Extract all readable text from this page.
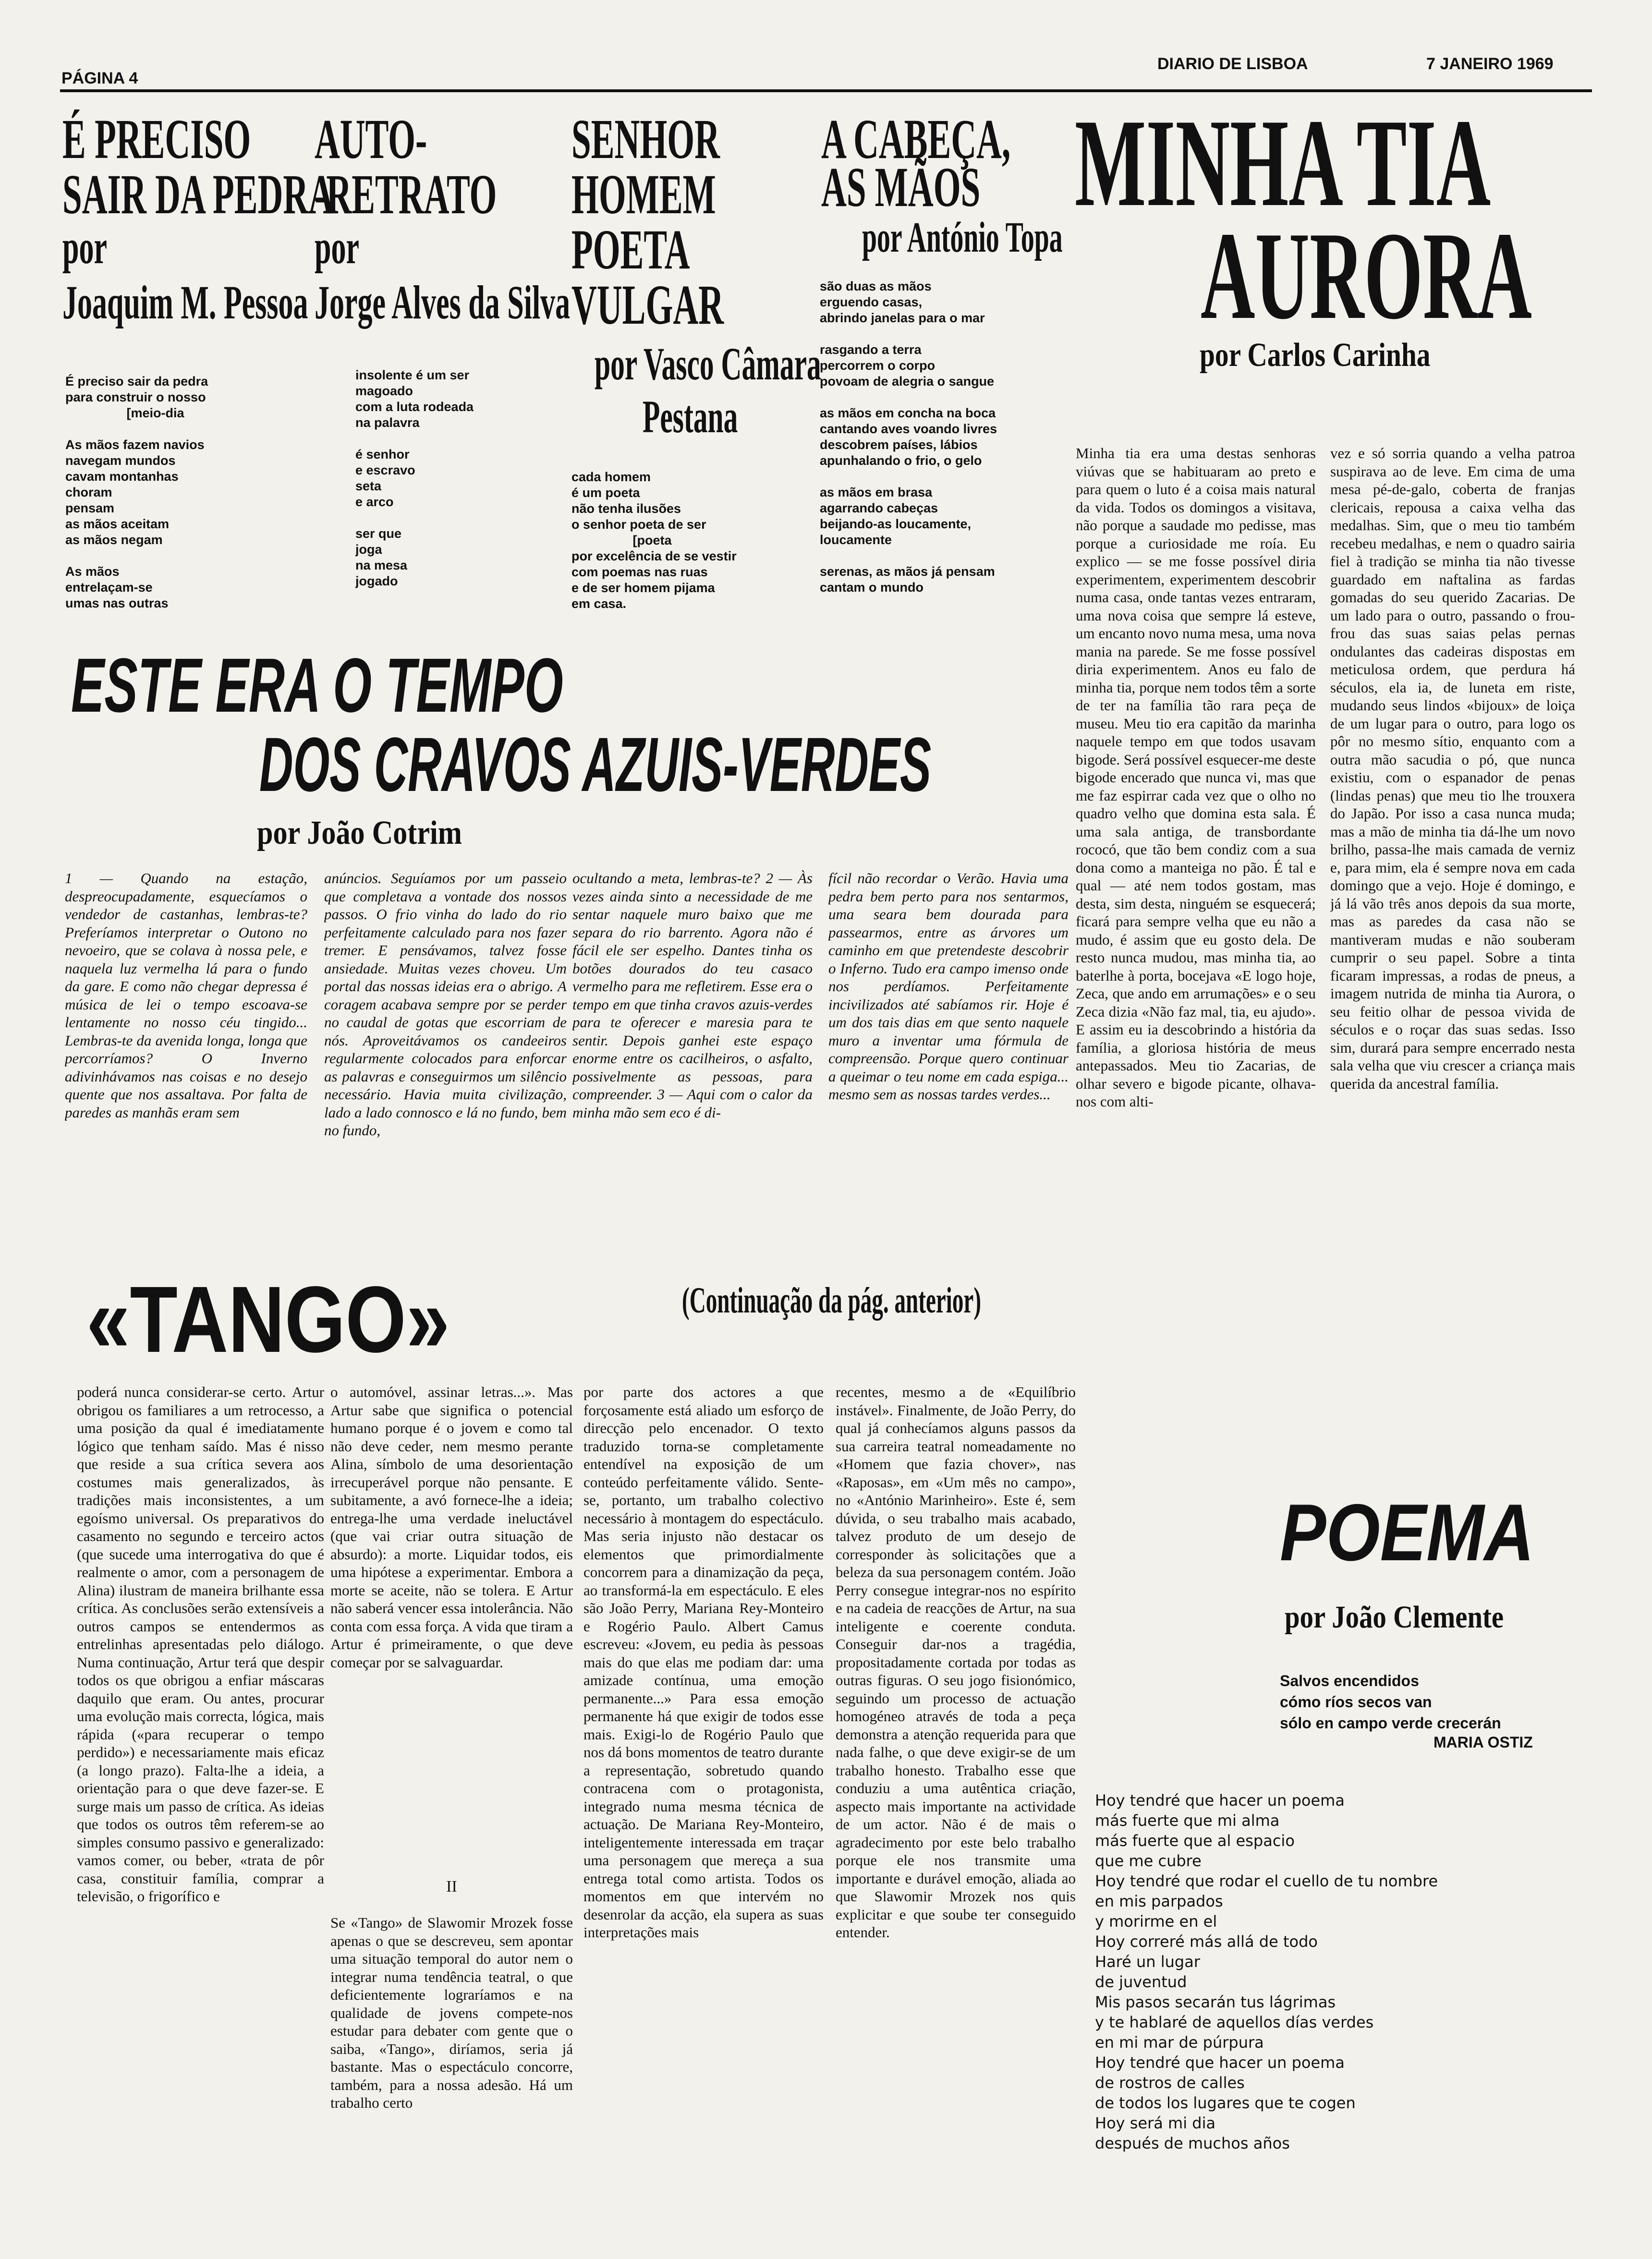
PÁGINA 4
DIARIO DE LISBOA	7 JANEIRO 1969
É PRECISO
SAIR DA PEDRA
por
Joaquim M. Pessoa
É preciso sair da pedra
para construir o nosso
[meio-dia

As mãos fazem navios
navegam mundos
cavam montanhas
choram
pensam
as mãos aceitam
as mãos negam

As mãos
entrelaçam-se
umas nas outras
AUTO-
-RETRATO
por
Jorge Alves da Silva
insolente é um ser
magoado
com a luta rodeada
na palavra

é senhor
e escravo
seta
e arco

ser que
joga
na mesa
jogado
SENHOR
HOMEM
POETA
VULGAR
por Vasco Câmara
Pestana
cada homem
é um poeta
não tenha ilusões
o senhor poeta de ser
[poeta
por excelência de se vestir
com poemas nas ruas
e de ser homem pijama
em casa.
A CABEÇA,
AS MÃOS
por António Topa
são duas as mãos
erguendo casas,
abrindo janelas para o mar

rasgando a terra
percorrem o corpo
povoam de alegria o sangue

as mãos em concha na boca
cantando aves voando livres
descobrem países, lábios
apunhalando o frio, o gelo

as mãos em brasa
agarrando cabeças
beijando-as loucamente,
loucamente

serenas, as mãos já pensam
cantam o mundo
MINHA TIA
AURORA
por Carlos Carinha
Minha tia era uma destas senhoras viúvas que se habituaram ao preto e para quem o luto é a coisa mais natural da vida. Todos os domingos a visitava, não porque a saudade mo pedisse, mas porque a curiosidade me roía. Eu explico — se me fosse possível diria experimentem, experimentem descobrir numa casa, onde tantas vezes entraram, uma nova coisa que sempre lá esteve, um encanto novo numa mesa, uma nova mania na parede. Se me fosse possível diria experimentem. Anos eu falo de minha tia, porque nem todos têm a sorte de ter na família tão rara peça de museu. Meu tio era capitão da marinha naquele tempo em que todos usavam bigode. Será possível esquecer-me deste bigode encerado que nunca vi, mas que me faz espirrar cada vez que o olho no quadro velho que domina esta sala. É uma sala antiga, de transbordante rococó, que tão bem condiz com a sua dona como a manteiga no pão. É tal e qual — até nem todos gostam, mas desta, sim desta, ninguém se esquecerá; ficará para sempre velha que eu não a mudo, é assim que eu gosto dela. De resto nunca mudou, mas minha tia, ao baterlhe à porta, bocejava «E logo hoje, Zeca, que ando em arrumações» e o seu Zeca dizia «Não faz mal, tia, eu ajudo». E assim eu ia descobrindo a história da família, a gloriosa história de meus antepassados. Meu tio Zacarias, de olhar severo e bigode picante, olhava-nos com alti-
vez e só sorria quando a velha patroa suspirava ao de leve. Em cima de uma mesa pé-de-galo, coberta de franjas clericais, repousa a caixa velha das medalhas. Sim, que o meu tio também recebeu medalhas, e nem o quadro sairia fiel à tradição se minha tia não tivesse guardado em naftalina as fardas gomadas do seu querido Zacarias. De um lado para o outro, passando o frou-frou das suas saias pelas pernas ondulantes das cadeiras dispostas em meticulosa ordem, que perdura há séculos, ela ia, de luneta em riste, mudando seus lindos «bijoux» de loiça de um lugar para o outro, para logo os pôr no mesmo sítio, enquanto com a outra mão sacudia o pó, que nunca existiu, com o espanador de penas (lindas penas) que meu tio lhe trouxera do Japão. Por isso a casa nunca muda; mas a mão de minha tia dá-lhe um novo brilho, passa-lhe mais camada de verniz e, para mim, ela é sempre nova em cada domingo que a vejo. Hoje é domingo, e já lá vão três anos depois da sua morte, mas as paredes da casa não se mantiveram mudas e não souberam cumprir o seu papel. Sobre a tinta ficaram impressas, a rodas de pneus, a imagem nutrida de minha tia Aurora, o seu feitio olhar de pessoa vivida de séculos e o roçar das suas sedas. Isso sim, durará para sempre encerrado nesta sala velha que viu crescer a criança mais querida da ancestral família.
ESTE ERA O TEMPO
DOS CRAVOS AZUIS-VERDES
por João Cotrim
1 — Quando na estação, despreocupadamente, esquecíamos o vendedor de castanhas, lembras-te? Preferíamos interpretar o Outono no nevoeiro, que se colava à nossa pele, e naquela luz vermelha lá para o fundo da gare. E como não chegar depressa é música de lei o tempo escoava-se lentamente no nosso céu tingido... Lembras-te da avenida longa, longa que percorríamos? O Inverno adivinhávamos nas coisas e no desejo quente que nos assaltava. Por falta de paredes as manhãs eram sem
anúncios. Seguíamos por um passeio que completava a vontade dos nossos passos. O frio vinha do lado do rio perfeitamente calculado para nos fazer tremer. E pensávamos, talvez fosse ansiedade. Muitas vezes choveu. Um portal das nossas ideias era o abrigo. A coragem acabava sempre por se perder no caudal de gotas que escorriam de nós. Aproveitávamos os candeeiros regularmente colocados para enforcar as palavras e conseguirmos um silêncio necessário. Havia muita civilização, lado a lado connosco e lá no fundo, bem no fundo,
ocultando a meta, lembras-te? 2 — Às vezes ainda sinto a necessidade de me sentar naquele muro baixo que me separa do rio barrento. Agora não é fácil ele ser espelho. Dantes tinha os botões dourados do teu casaco vermelho para me refletirem. Esse era o tempo em que tinha cravos azuis-verdes para te oferecer e maresia para te sentir. Depois ganhei este espaço enorme entre os cacilheiros, o asfalto, possivelmente as pessoas, para compreender. 3 — Aqui com o calor da minha mão sem eco é di-
fícil não recordar o Verão. Havia uma pedra bem perto para nos sentarmos, uma seara bem dourada para passearmos, entre as árvores um caminho em que pretendeste descobrir o Inferno. Tudo era campo imenso onde nos perdíamos. Perfeitamente incivilizados até sabíamos rir. Hoje é um dos tais dias em que sento naquele muro a inventar uma fórmula de compreensão. Porque quero continuar a queimar o teu nome em cada espiga... mesmo sem as nossas tardes verdes...
«TANGO»	(Continuação da pág. anterior)
poderá nunca considerar-se certo. Artur obrigou os familiares a um retrocesso, a uma posição da qual é imediatamente lógico que tenham saído. Mas é nisso que reside a sua crítica severa aos costumes mais generalizados, às tradições mais inconsistentes, a um egoísmo universal. Os preparativos do casamento no segundo e terceiro actos (que sucede uma interrogativa do que é realmente o amor, com a personagem de Alina) ilustram de maneira brilhante essa crítica. As conclusões serão extensíveis a outros campos se entendermos as entrelinhas apresentadas pelo diálogo. Numa continuação, Artur terá que despir todos os que obrigou a enfiar máscaras daquilo que eram. Ou antes, procurar uma evolução mais correcta, lógica, mais rápida («para recuperar o tempo perdido») e necessariamente mais eficaz (a longo prazo). Falta-lhe a ideia, a orientação para o que deve fazer-se. E surge mais um passo de crítica. As ideias que todos os outros têm referem-se ao simples consumo passivo e generalizado: vamos comer, ou beber, «trata de pôr casa, constituir família, comprar a televisão, o frigorífico e
o automóvel, assinar letras...». Mas Artur sabe que significa o potencial humano porque é o jovem e como tal não deve ceder, nem mesmo perante Alina, símbolo de uma desorientação irrecuperável porque não pensante. E subitamente, a avó fornece-lhe a ideia; entrega-lhe uma verdade ineluctável (que vai criar outra situação de absurdo): a morte. Liquidar todos, eis uma hipótese a experimentar. Embora a morte se aceite, não se tolera. E Artur não saberá vencer essa intolerância. Não conta com essa força. A vida que tiram a Artur é primeiramente, o que deve começar por se salvaguardar.
II
Se «Tango» de Slawomir Mrozek fosse apenas o que se descreveu, sem apontar uma situação temporal do autor nem o integrar numa tendência teatral, o que deficientemente lograríamos e na qualidade de jovens compete-nos estudar para debater com gente que o saiba, «Tango», diríamos, seria já bastante. Mas o espectáculo concorre, também, para a nossa adesão. Há um trabalho certo
por parte dos actores a que forçosamente está aliado um esforço de direcção pelo encenador. O texto traduzido torna-se completamente entendível na exposição de um conteúdo perfeitamente válido. Sente-se, portanto, um trabalho colectivo necessário à montagem do espectáculo. Mas seria injusto não destacar os elementos que primordialmente concorrem para a dinamização da peça, ao transformá-la em espectáculo. E eles são João Perry, Mariana Rey-Monteiro e Rogério Paulo. Albert Camus escreveu: «Jovem, eu pedia às pessoas mais do que elas me podiam dar: uma amizade contínua, uma emoção permanente...» Para essa emoção permanente há que exigir de todos esse mais. Exigi-lo de Rogério Paulo que nos dá bons momentos de teatro durante a representação, sobretudo quando contracena com o protagonista, integrado numa mesma técnica de actuação. De Mariana Rey-Monteiro, inteligentemente interessada em traçar uma personagem que mereça a sua entrega total como artista. Todos os momentos em que intervém no desenrolar da acção, ela supera as suas interpretações mais
recentes, mesmo a de «Equilíbrio instável». Finalmente, de João Perry, do qual já conhecíamos alguns passos da sua carreira teatral nomeadamente no «Homem que fazia chover», nas «Raposas», em «Um mês no campo», no «António Marinheiro». Este é, sem dúvida, o seu trabalho mais acabado, talvez produto de um desejo de corresponder às solicitações que a beleza da sua personagem contém. João Perry consegue integrar-nos no espírito e na cadeia de reacções de Artur, na sua inteligente e coerente conduta. Conseguir dar-nos a tragédia, propositadamente cortada por todas as outras figuras. O seu jogo fisionómico, seguindo um processo de actuação homogéneo através de toda a peça demonstra a atenção requerida para que nada falhe, o que deve exigir-se de um trabalho honesto. Trabalho esse que conduziu a uma autêntica criação, aspecto mais importante na actividade de um actor. Não é de mais o agradecimento por este belo trabalho porque ele nos transmite uma importante e durável emoção, aliada ao que Slawomir Mrozek nos quis explicitar e que soube ter conseguido entender.
POEMA
por João Clemente
Salvos encendidos
cómo ríos secos van
sólo en campo verde crecerán
MARIA OSTIZ
Hoy tendré que hacer un poema
más fuerte que mi alma
más fuerte que al espacio
que me cubre
Hoy tendré que rodar el cuello de tu nombre
en mis parpados
y morirme en el
Hoy correré más allá de todo
Haré un lugar
de juventud
Mis pasos secarán tus lágrimas
y te hablaré de aquellos días verdes
en mi mar de púrpura
Hoy tendré que hacer un poema
de rostros de calles
de todos los lugares que te cogen
Hoy será mi dia
después de muchos años
